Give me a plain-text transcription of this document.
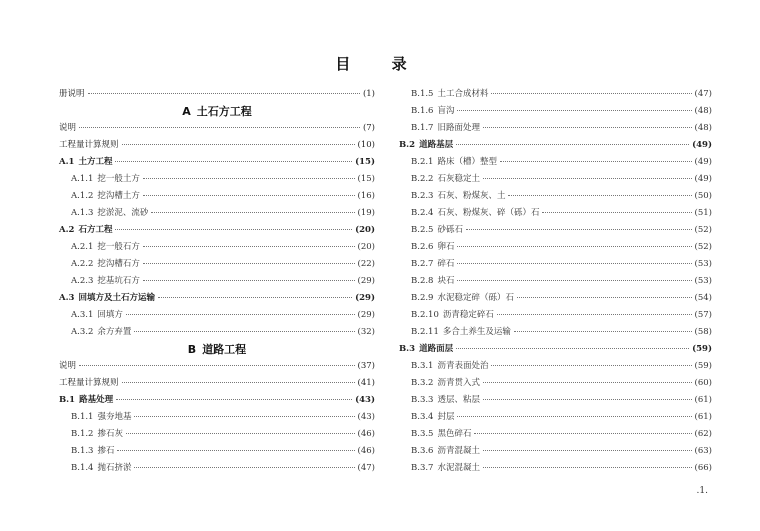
目 录
册说明	(1)
A 土石方工程
说明	(7)
工程量计算规则	(10)
A.1 土方工程	(15)
A.1.1 挖一般土方	(15)
A.1.2 挖沟槽土方	(16)
A.1.3 挖淤泥、流砂	(19)
A.2 石方工程	(20)
A.2.1 挖一般石方	(20)
A.2.2 挖沟槽石方	(22)
A.2.3 挖基坑石方	(29)
A.3 回填方及土石方运输	(29)
A.3.1 回填方	(29)
A.3.2 余方弃置	(32)
B 道路工程
说明	(37)
工程量计算规则	(41)
B.1 路基处理	(43)
B.1.1 强夯地基	(43)
B.1.2 掺石灰	(46)
B.1.3 掺石	(46)
B.1.4 抛石挤淤	(47)
B.1.5 土工合成材料	(47)
B.1.6 盲沟	(48)
B.1.7 旧路面处理	(48)
B.2 道路基层	(49)
B.2.1 路床（槽）整型	(49)
B.2.2 石灰稳定土	(49)
B.2.3 石灰、粉煤灰、土	(50)
B.2.4 石灰、粉煤灰、碎（砾）石	(51)
B.2.5 砂砾石	(52)
B.2.6 卵石	(52)
B.2.7 碎石	(53)
B.2.8 块石	(53)
B.2.9 水泥稳定碎（砾）石	(54)
B.2.10 沥青稳定碎石	(57)
B.2.11 多合土养生及运输	(58)
B.3 道路面层	(59)
B.3.1 沥青表面处治	(59)
B.3.2 沥青贯入式	(60)
B.3.3 透层、粘层	(61)
B.3.4 封层	(61)
B.3.5 黑色碎石	(62)
B.3.6 沥青混凝土	(63)
B.3.7 水泥混凝土	(66)
.1.
